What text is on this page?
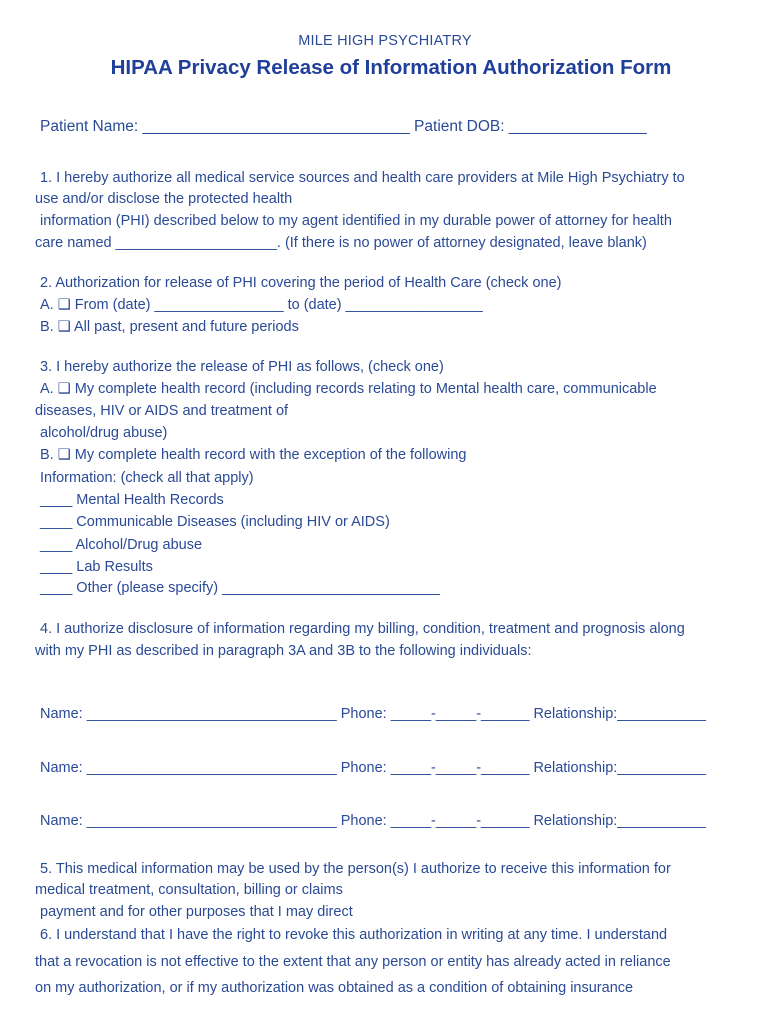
MILE HIGH PSYCHIATRY
HIPAA Privacy Release of Information Authorization Form
Patient Name: _______________________________ Patient DOB: ________________
1. I hereby authorize all medical service sources and health care providers at Mile High Psychiatry to
use and/or disclose the protected health
information (PHI) described below to my agent identified in my durable power of attorney for health
care named ____________________. (If there is no power of attorney designated, leave blank)
2. Authorization for release of PHI covering the period of Health Care (check one)
A. ❑ From (date) ________________ to (date) _________________
B. ❑ All past, present and future periods
3. I hereby authorize the release of PHI as follows, (check one)
A. ❑ My complete health record (including records relating to Mental health care, communicable
diseases, HIV or AIDS and treatment of
alcohol/drug abuse)
B. ❑ My complete health record with the exception of the following
Information: (check all that apply)
____ Mental Health Records
____ Communicable Diseases (including HIV or AIDS)
____ Alcohol/Drug abuse
____ Lab Results
____ Other (please specify) ___________________________
4. I authorize disclosure of information regarding my billing, condition, treatment and prognosis along
with my PHI as described in paragraph 3A and 3B to the following individuals:
Name: _______________________________ Phone: _____-_____-______ Relationship:___________
Name: _______________________________ Phone: _____-_____-______ Relationship:___________
Name: _______________________________ Phone: _____-_____-______ Relationship:___________
5. This medical information may be used by the person(s) I authorize to receive this information for
medical treatment, consultation, billing or claims
payment and for other purposes that I may direct
6. I understand that I have the right to revoke this authorization in writing at any time. I understand
that a revocation is not effective to the extent that any person or entity has already acted in reliance
on my authorization, or if my authorization was obtained as a condition of obtaining insurance
